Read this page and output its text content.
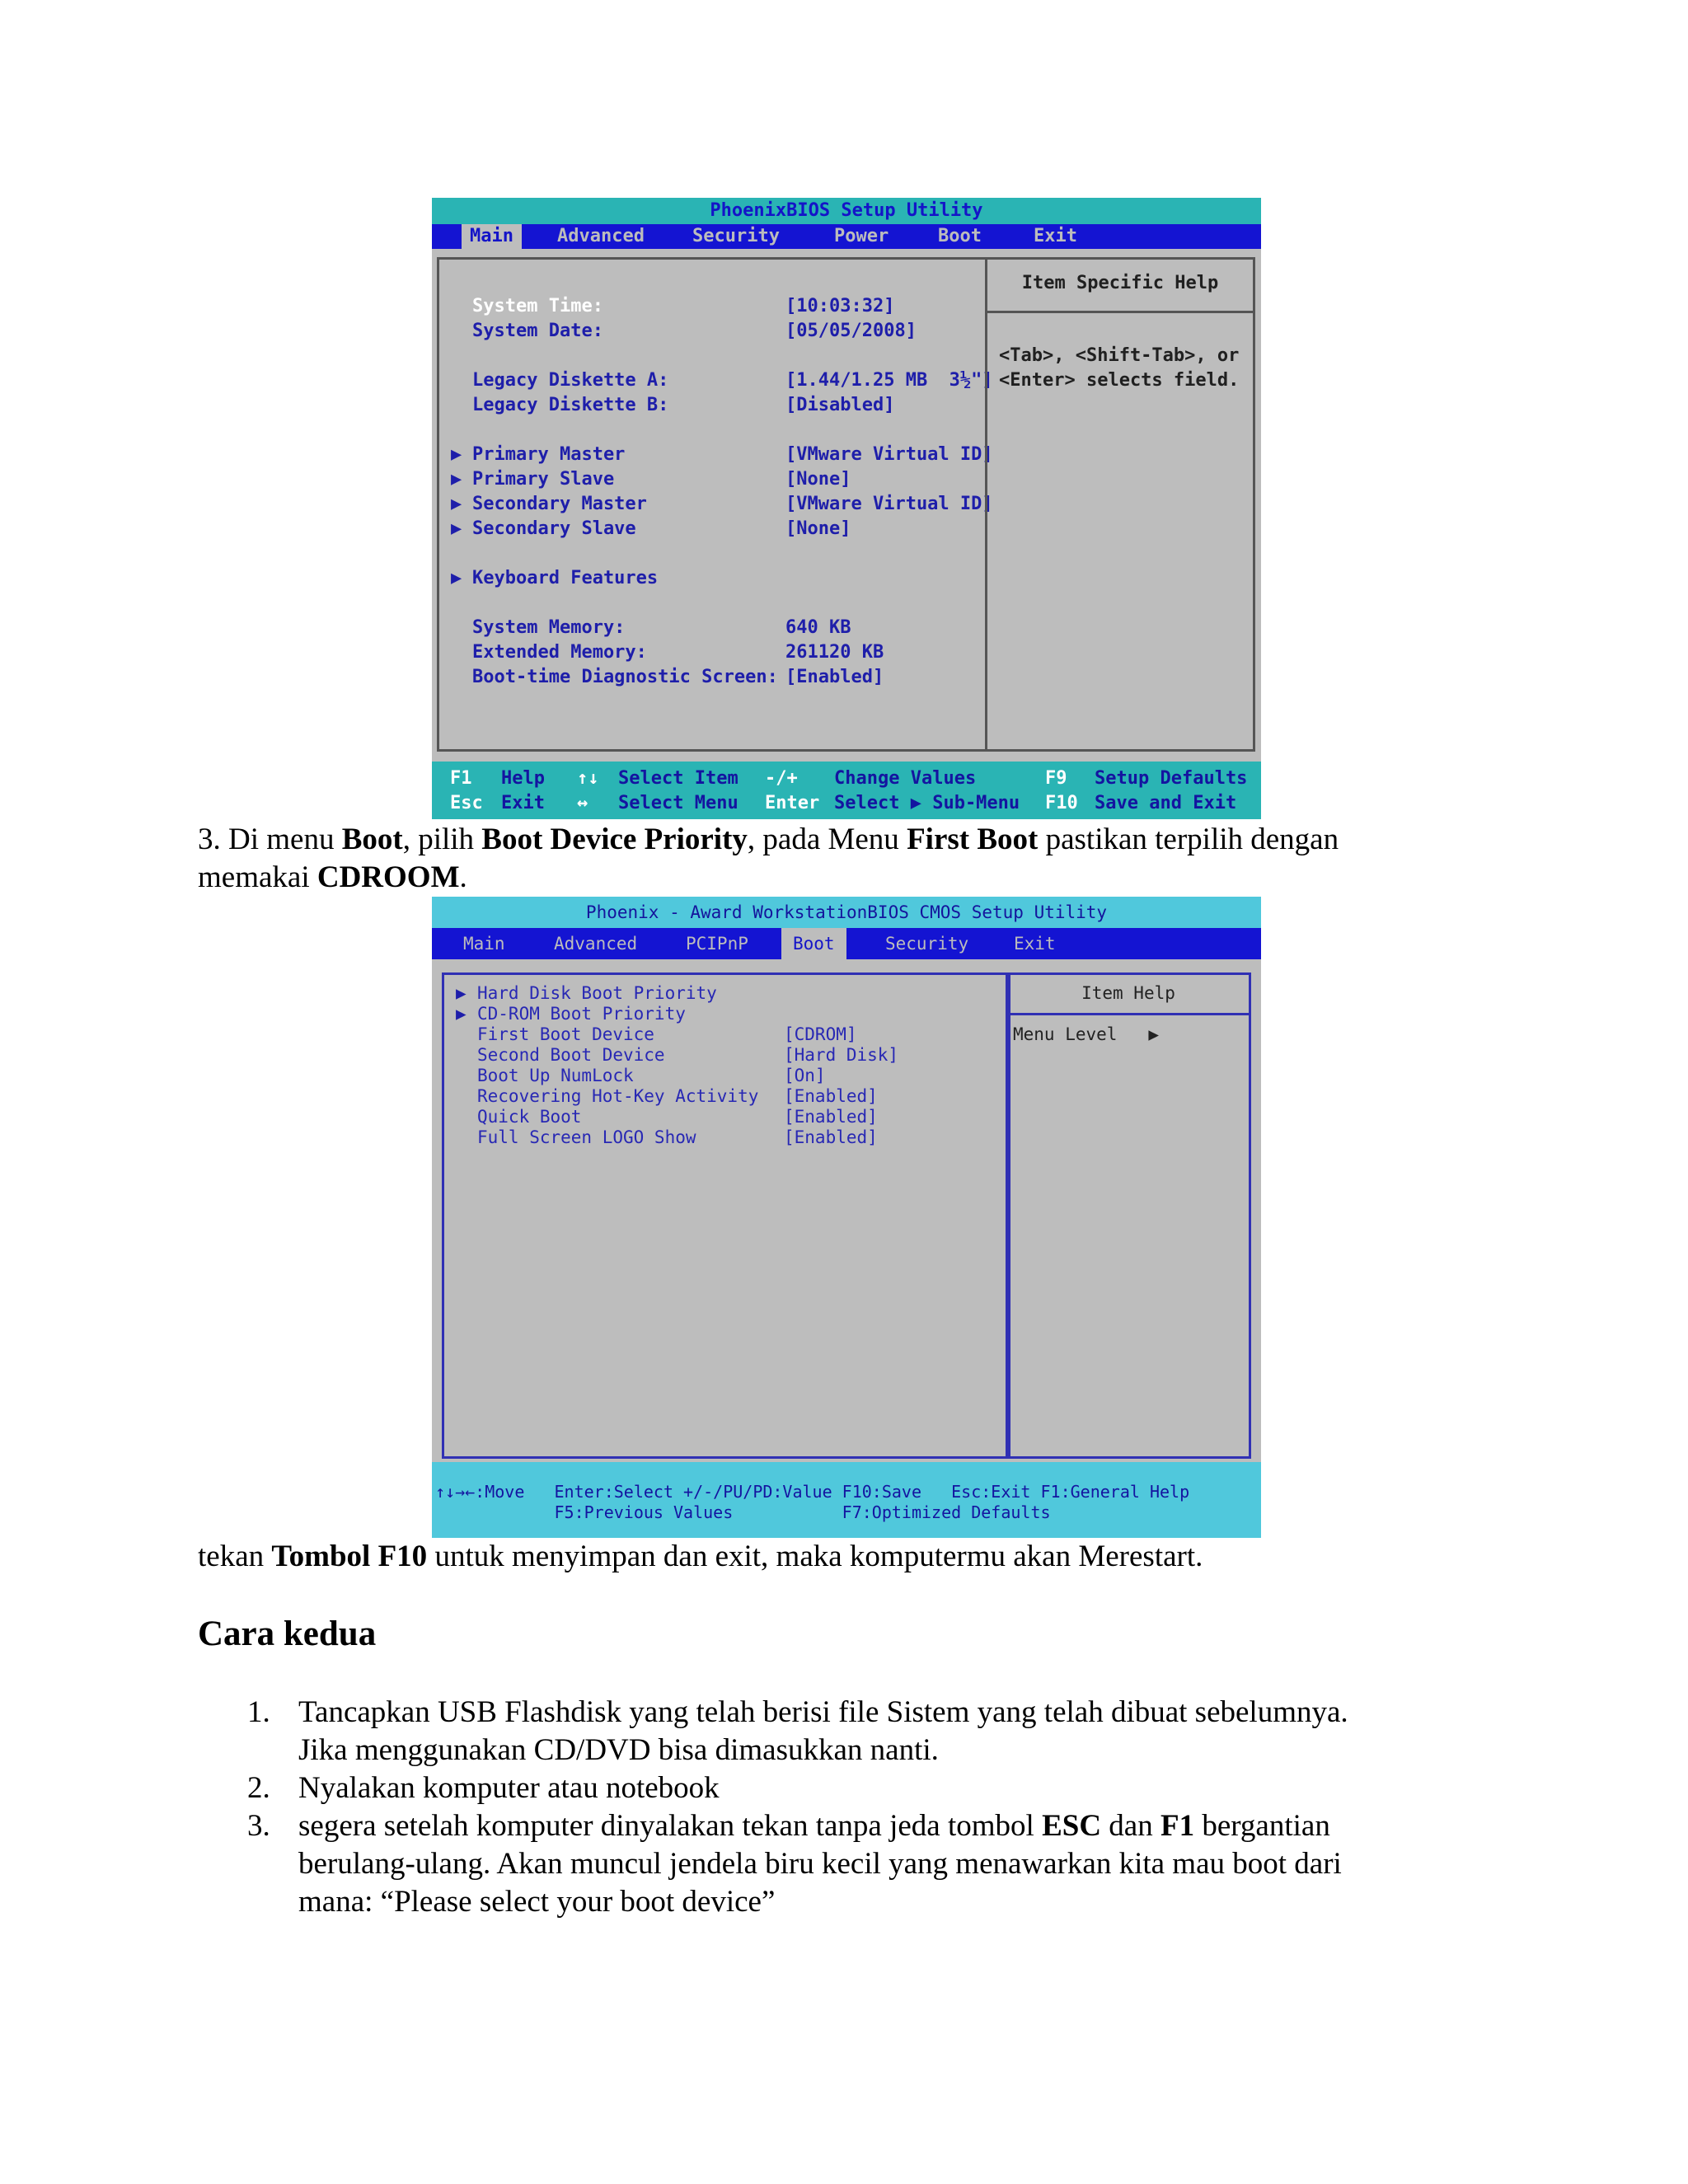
PhoenixBIOS Setup Utility
Main	Advanced	Security	Power	Boot	Exit
System Time:	[10:03:32]
System Date:	[05/05/2008]
Legacy Diskette A:	[1.44/1.25 MB  3½"]
Legacy Diskette B:	[Disabled]
▶ Primary Master	[VMware Virtual ID]
▶ Primary Slave	[None]
▶ Secondary Master	[VMware Virtual ID]
▶ Secondary Slave	[None]
▶ Keyboard Features
System Memory:	640 KB
Extended Memory:	261120 KB
Boot-time Diagnostic Screen: [Enabled]
Item Specific Help
<Tab>, <Shift-Tab>, or
<Enter> selects field.
F1 Help ↑↓ Select Item -/+ Change Values	F9 Setup Defaults
Esc Exit ↔ Select Menu Enter Select ▶ Sub-Menu F10 Save and Exit
3. Di menu Boot, pilih Boot Device Priority, pada Menu First Boot pastikan terpilih dengan
memakai CDROOM.
Phoenix - Award WorkstationBIOS CMOS Setup Utility
Main	Advanced	PCIPnP	Boot	Security	Exit
▶ Hard Disk Boot Priority
▶ CD-ROM Boot Priority
First Boot Device	[CDROM]
Second Boot Device	[Hard Disk]
Boot Up NumLock	[On]
Recovering Hot-Key Activity [Enabled]
Quick Boot	[Enabled]
Full Screen LOGO Show	[Enabled]
Item Help
Menu Level   ▶
↑↓→←:Move   Enter:Select +/-/PU/PD:Value F10:Save   Esc:Exit F1:General Help
F5:Previous Values           F7:Optimized Defaults
tekan Tombol F10 untuk menyimpan dan exit, maka komputermu akan Merestart.
Cara kedua
1. Tancapkan USB Flashdisk yang telah berisi file Sistem yang telah dibuat sebelumnya.
Jika menggunakan CD/DVD bisa dimasukkan nanti.
2. Nyalakan komputer atau notebook
3. segera setelah komputer dinyalakan tekan tanpa jeda tombol ESC dan F1 bergantian
berulang-ulang. Akan muncul jendela biru kecil yang menawarkan kita mau boot dari
mana: “Please select your boot device”
